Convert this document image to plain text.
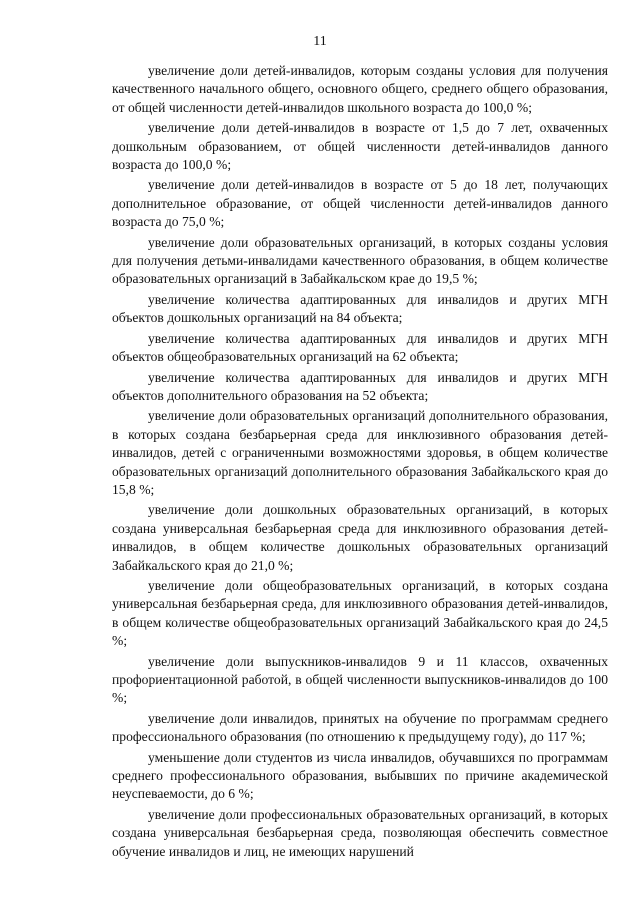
11

увеличение доли детей-инвалидов, которым созданы условия для получения качественного начального общего, основного общего, среднего общего образования, от общей численности детей-инвалидов школьного возраста до 100,0 %;

увеличение доли детей-инвалидов в возрасте от 1,5 до 7 лет, охваченных дошкольным образованием, от общей численности детей-инвалидов данного возраста до 100,0 %;

увеличение доли детей-инвалидов в возрасте от 5 до 18 лет, получающих дополнительное образование, от общей численности детей-инвалидов данного возраста до 75,0 %;

увеличение доли образовательных организаций, в которых созданы условия для получения детьми-инвалидами качественного образования, в общем количестве образовательных организаций в Забайкальском крае до 19,5 %;

увеличение количества адаптированных для инвалидов и других МГН объектов дошкольных организаций на 84 объекта;

увеличение количества адаптированных для инвалидов и других МГН объектов общеобразовательных организаций на 62 объекта;

увеличение количества адаптированных для инвалидов и других МГН объектов дополнительного образования на 52 объекта;

увеличение доли образовательных организаций дополнительного образования, в которых создана безбарьерная среда для инклюзивного образования детей-инвалидов, детей с ограниченными возможностями здоровья, в общем количестве образовательных организаций дополнительного образования Забайкальского края до 15,8 %;

увеличение доли дошкольных образовательных организаций, в которых создана универсальная безбарьерная среда для инклюзивного образования детей-инвалидов, в общем количестве дошкольных образовательных организаций Забайкальского края до 21,0 %;

увеличение доли общеобразовательных организаций, в которых создана универсальная безбарьерная среда, для инклюзивного образования детей-инвалидов, в общем количестве общеобразовательных организаций Забайкальского края до 24,5 %;

увеличение доли выпускников-инвалидов 9 и 11 классов, охваченных профориентационной работой, в общей численности выпускников-инвалидов до 100 %;

увеличение доли инвалидов, принятых на обучение по программам среднего профессионального образования (по отношению к предыдущему году), до 117 %;

уменьшение доли студентов из числа инвалидов, обучавшихся по программам среднего профессионального образования, выбывших по причине академической неуспеваемости, до 6 %;

увеличение доли профессиональных образовательных организаций, в которых создана универсальная безбарьерная среда, позволяющая обеспечить совместное обучение инвалидов и лиц, не имеющих нарушений
